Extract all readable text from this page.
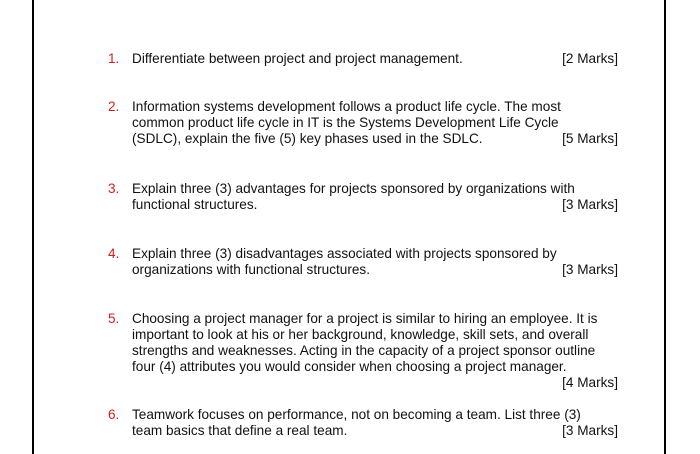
1. Differentiate between project and project management.	[2 Marks]
2. Information systems development follows a product life cycle. The most
common product life cycle in IT is the Systems Development Life Cycle
(SDLC), explain the five (5) key phases used in the SDLC.	[5 Marks]
3. Explain three (3) advantages for projects sponsored by organizations with
functional structures.	[3 Marks]
4. Explain three (3) disadvantages associated with projects sponsored by
organizations with functional structures.	[3 Marks]
5. Choosing a project manager for a project is similar to hiring an employee. It is
important to look at his or her background, knowledge, skill sets, and overall
strengths and weaknesses. Acting in the capacity of a project sponsor outline
four (4) attributes you would consider when choosing a project manager.
[4 Marks]
6. Teamwork focuses on performance, not on becoming a team. List three (3)
team basics that define a real team.	[3 Marks]
